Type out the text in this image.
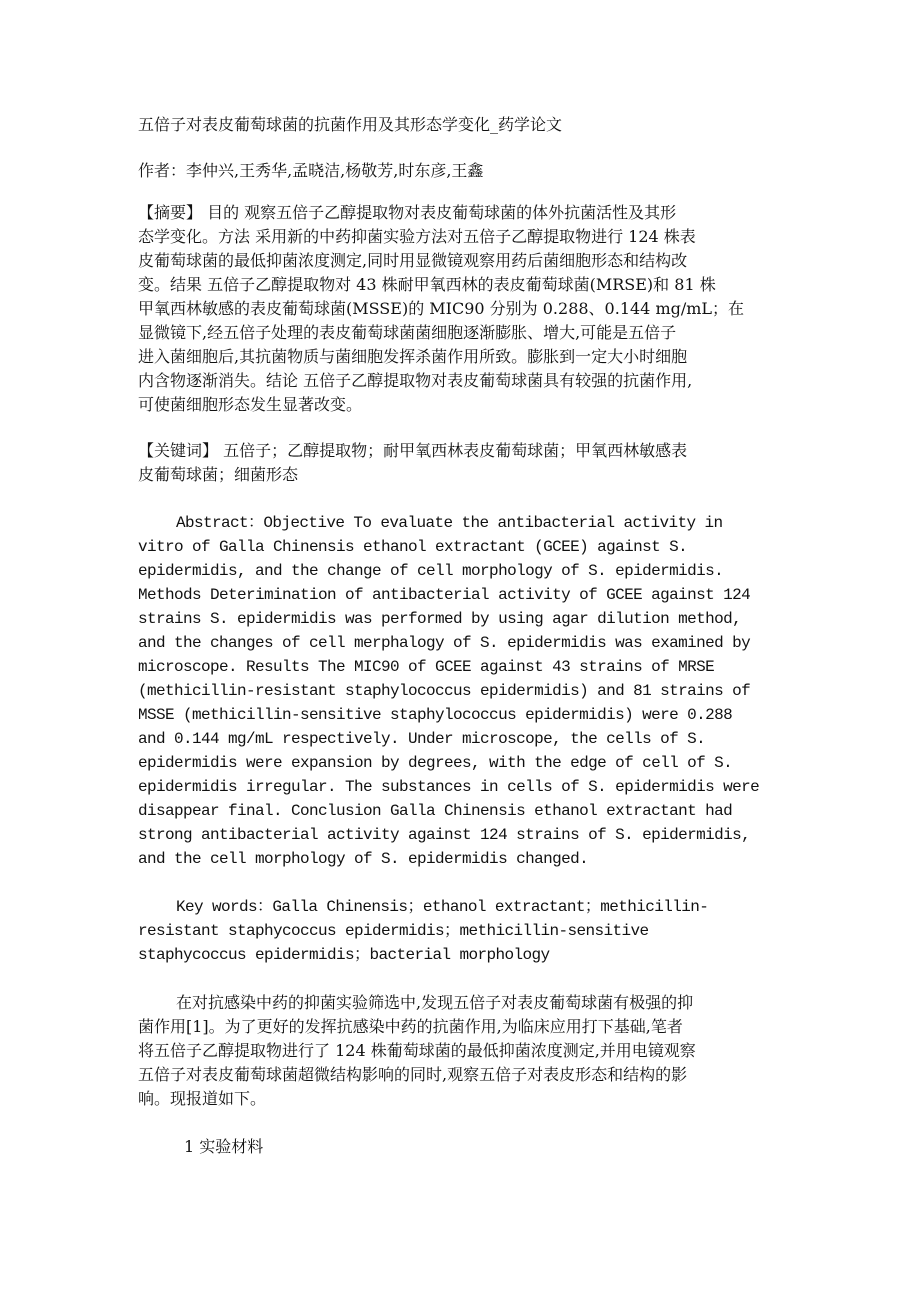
五倍子对表皮葡萄球菌的抗菌作用及其形态学变化_药学论文
作者：李仲兴,王秀华,孟晓洁,杨敬芳,时东彦,王鑫
【摘要】 目的 观察五倍子乙醇提取物对表皮葡萄球菌的体外抗菌活性及其形
态学变化。方法 采用新的中药抑菌实验方法对五倍子乙醇提取物进行 124 株表
皮葡萄球菌的最低抑菌浓度测定,同时用显微镜观察用药后菌细胞形态和结构改
变。结果 五倍子乙醇提取物对 43 株耐甲氧西林的表皮葡萄球菌(MRSE)和 81 株
甲氧西林敏感的表皮葡萄球菌(MSSE)的 MIC90 分别为 0.288、0.144 mg/mL；在
显微镜下,经五倍子处理的表皮葡萄球菌菌细胞逐渐膨胀、增大,可能是五倍子
进入菌细胞后,其抗菌物质与菌细胞发挥杀菌作用所致。膨胀到一定大小时细胞
内含物逐渐消失。结论 五倍子乙醇提取物对表皮葡萄球菌具有较强的抗菌作用,
可使菌细胞形态发生显著改变。
【关键词】 五倍子；乙醇提取物；耐甲氧西林表皮葡萄球菌；甲氧西林敏感表
皮葡萄球菌；细菌形态
Abstract：Objective To evaluate the antibacterial activity in
vitro of Galla Chinensis ethanol extractant (GCEE) against S.
epidermidis, and the change of cell morphology of S. epidermidis.
Methods Deterimination of antibacterial activity of GCEE against 124
strains S. epidermidis was performed by using agar dilution method,
and the changes of cell merphalogy of S. epidermidis was examined by
microscope. Results The MIC90 of GCEE against 43 strains of MRSE
(methicillin-resistant staphylococcus epidermidis) and 81 strains of
MSSE (methicillin-sensitive staphylococcus epidermidis) were 0.288
and 0.144 mg/mL respectively. Under microscope, the cells of S.
epidermidis were expansion by degrees, with the edge of cell of S.
epidermidis irregular. The substances in cells of S. epidermidis were
disappear final. Conclusion Galla Chinensis ethanol extractant had
strong antibacterial activity against 124 strains of S. epidermidis,
and the cell morphology of S. epidermidis changed.
Key words：Galla Chinensis；ethanol extractant；methicillin-
resistant staphycoccus epidermidis；methicillin-sensitive
staphycoccus epidermidis；bacterial morphology
在对抗感染中药的抑菌实验筛选中,发现五倍子对表皮葡萄球菌有极强的抑
菌作用[1]。为了更好的发挥抗感染中药的抗菌作用,为临床应用打下基础,笔者
将五倍子乙醇提取物进行了 124 株葡萄球菌的最低抑菌浓度测定,并用电镜观察
五倍子对表皮葡萄球菌超微结构影响的同时,观察五倍子对表皮形态和结构的影
响。现报道如下。
1 实验材料
